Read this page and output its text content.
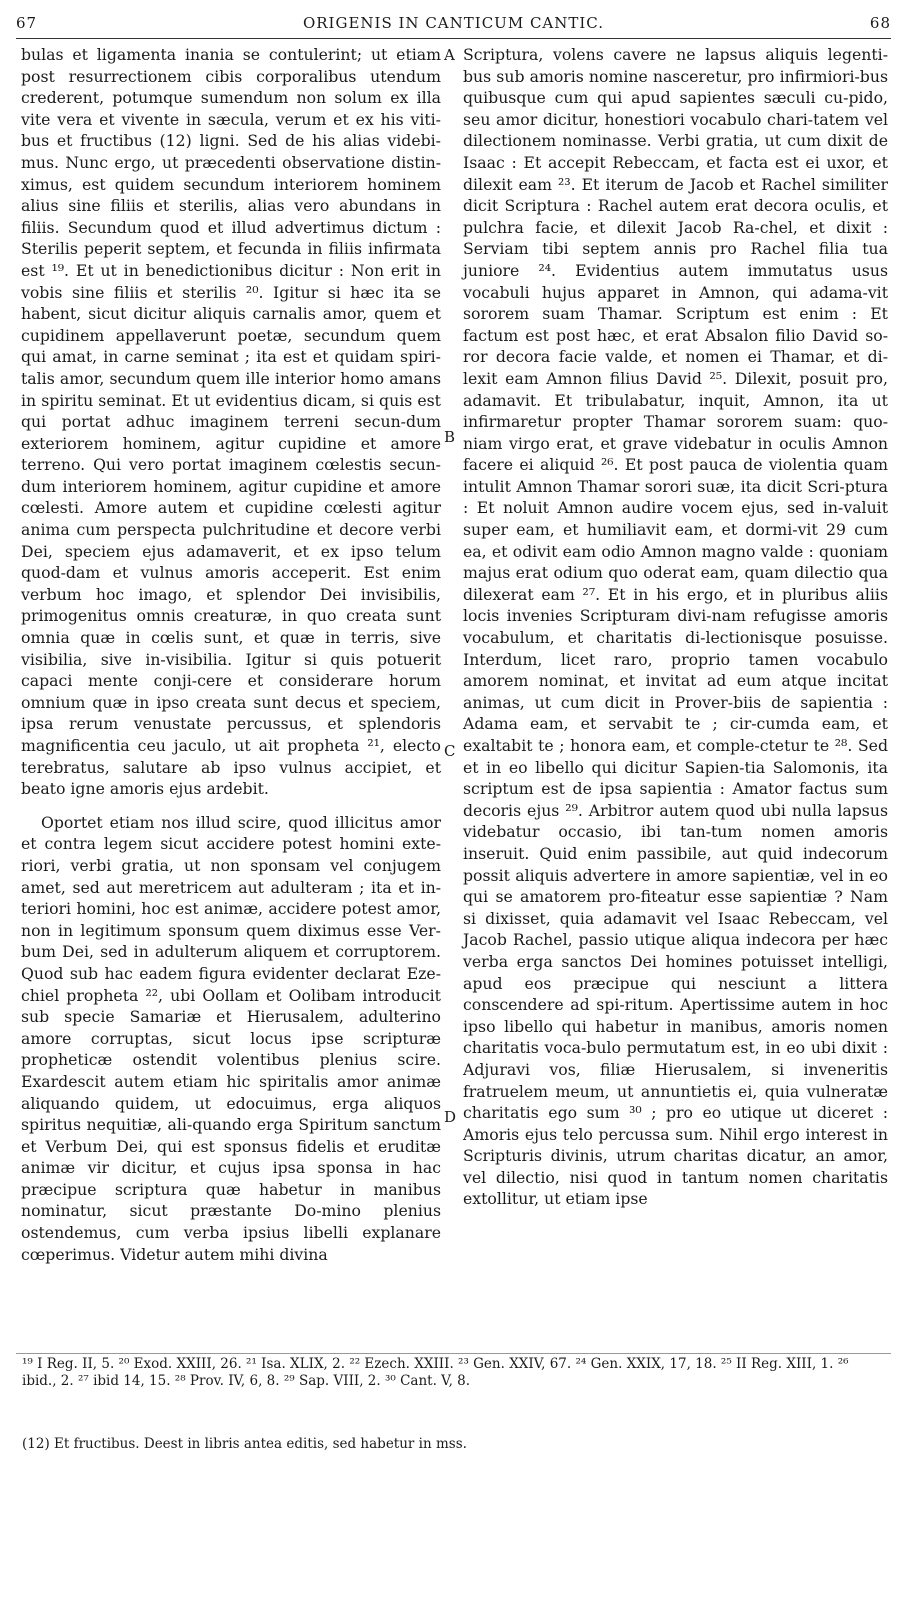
67	ORIGENIS IN CANTICUM CANTIC.	68

bulas et ligamenta inania se contulerint; ut etiam post resurrectionem cibis corporalibus utendum crederent, potumque sumendum non solum ex illa vite vera et vivente in sæcula, verum et ex his viti-bus et fructibus (12) ligni. Sed de his alias videbi-mus. Nunc ergo, ut præcedenti observatione distin-ximus, est quidem secundum interiorem hominem alius sine filiis et sterilis, alias vero abundans in filiis. Secundum quod et illud advertimus dictum : Sterilis peperit septem, et fecunda in filiis infirmata est ¹⁹. Et ut in benedictionibus dicitur : Non erit in vobis sine filiis et sterilis ²⁰. Igitur si hæc ita se habent, sicut dicitur aliquis carnalis amor, quem et cupidinem appellaverunt poetæ, secundum quem qui amat, in carne seminat ; ita est et quidam spiri-talis amor, secundum quem ille interior homo amans in spiritu seminat. Et ut evidentius dicam, si quis est qui portat adhuc imaginem terreni secun-dum exteriorem hominem, agitur cupidine et amore terreno. Qui vero portat imaginem cœlestis secun-dum interiorem hominem, agitur cupidine et amore cœlesti. Amore autem et cupidine cœlesti agitur anima cum perspecta pulchritudine et decore verbi Dei, speciem ejus adamaverit, et ex ipso telum quod-dam et vulnus amoris acceperit. Est enim verbum hoc imago, et splendor Dei invisibilis, primogenitus omnis creaturæ, in quo creata sunt omnia quæ in cœlis sunt, et quæ in terris, sive visibilia, sive in-visibilia. Igitur si quis potuerit capaci mente conji-cere et considerare horum omnium quæ in ipso creata sunt decus et speciem, ipsa rerum venustate percussus, et splendoris magnificentia ceu jaculo, ut ait propheta ²¹, electo terebratus, salutare ab ipso vulnus accipiet, et beato igne amoris ejus ardebit.

Oportet etiam nos illud scire, quod illicitus amor et contra legem sicut accidere potest homini exte-riori, verbi gratia, ut non sponsam vel conjugem amet, sed aut meretricem aut adulteram ; ita et in-teriori homini, hoc est animæ, accidere potest amor, non in legitimum sponsum quem diximus esse Ver-bum Dei, sed in adulterum aliquem et corruptorem. Quod sub hac eadem figura evidenter declarat Eze-chiel propheta ²², ubi Oollam et Oolibam introducit sub specie Samariæ et Hierusalem, adulterino amore corruptas, sicut locus ipse scripturæ propheticæ ostendit volentibus plenius scire. Exardescit autem etiam hic spiritalis amor animæ aliquando quidem, ut edocuimus, erga aliquos spiritus nequitiæ, ali-quando erga Spiritum sanctum et Verbum Dei, qui est sponsus fidelis et eruditæ animæ vir dicitur, et cujus ipsa sponsa in hac præcipue scriptura quæ habetur in manibus nominatur, sicut præstante Do-mino plenius ostendemus, cum verba ipsius libelli explanare cœperimus. Videtur autem mihi divina

A
B
C
D

Scriptura, volens cavere ne lapsus aliquis legenti-bus sub amoris nomine nasceretur, pro infirmiori-bus quibusque cum qui apud sapientes sæculi cu-pido, seu amor dicitur, honestiori vocabulo chari-tatem vel dilectionem nominasse. Verbi gratia, ut cum dixit de Isaac : Et accepit Rebeccam, et facta est ei uxor, et dilexit eam ²³. Et iterum de Jacob et Rachel similiter dicit Scriptura : Rachel autem erat decora oculis, et pulchra facie, et dilexit Jacob Ra-chel, et dixit : Serviam tibi septem annis pro Rachel filia tua juniore ²⁴. Evidentius autem immutatus usus vocabuli hujus apparet in Amnon, qui adama-vit sororem suam Thamar. Scriptum est enim : Et factum est post hæc, et erat Absalon filio David so-ror decora facie valde, et nomen ei Thamar, et di-lexit eam Amnon filius David ²⁵. Dilexit, posuit pro, adamavit. Et tribulabatur, inquit, Amnon, ita ut infirmaretur propter Thamar sororem suam: quo-niam virgo erat, et grave videbatur in oculis Amnon facere ei aliquid ²⁶. Et post pauca de violentia quam intulit Amnon Thamar sorori suæ, ita dicit Scri-ptura : Et noluit Amnon audire vocem ejus, sed in-valuit super eam, et humiliavit eam, et dormi-vit 29 cum ea, et odivit eam odio Amnon magno valde : quoniam majus erat odium quo oderat eam, quam dilectio qua dilexerat eam ²⁷. Et in his ergo, et in pluribus aliis locis invenies Scripturam divi-nam refugisse amoris vocabulum, et charitatis di-lectionisque posuisse. Interdum, licet raro, proprio tamen vocabulo amorem nominat, et invitat ad eum atque incitat animas, ut cum dicit in Prover-biis de sapientia : Adama eam, et servabit te ; cir-cumda eam, et exaltabit te ; honora eam, et comple-ctetur te ²⁸. Sed et in eo libello qui dicitur Sapien-tia Salomonis, ita scriptum est de ipsa sapientia : Amator factus sum decoris ejus ²⁹. Arbitror autem quod ubi nulla lapsus videbatur occasio, ibi tan-tum nomen amoris inseruit. Quid enim passibile, aut quid indecorum possit aliquis advertere in amore sapientiæ, vel in eo qui se amatorem pro-fiteatur esse sapientiæ ? Nam si dixisset, quia adamavit vel Isaac Rebeccam, vel Jacob Rachel, passio utique aliqua indecora per hæc verba erga sanctos Dei homines potuisset intelligi, apud eos præcipue qui nesciunt a littera conscendere ad spi-ritum. Apertissime autem in hoc ipso libello qui habetur in manibus, amoris nomen charitatis voca-bulo permutatum est, in eo ubi dixit : Adjuravi vos, filiæ Hierusalem, si inveneritis fratruelem meum, ut annuntietis ei, quia vulneratæ charitatis ego sum ³⁰ ; pro eo utique ut diceret : Amoris ejus telo percussa sum. Nihil ergo interest in Scripturis divinis, utrum charitas dicatur, an amor, vel dilectio, nisi quod in tantum nomen charitatis extollitur, ut etiam ipse

¹⁹ I Reg. II, 5. ²⁰ Exod. XXIII, 26. ²¹ Isa. XLIX, 2. ²² Ezech. XXIII. ²³ Gen. XXIV, 67. ²⁴ Gen. XXIX, 17, 18. ²⁵ II Reg. XIII, 1. ²⁶ ibid., 2. ²⁷ ibid 14, 15. ²⁸ Prov. IV, 6, 8. ²⁹ Sap. VIII, 2. ³⁰ Cant. V, 8.
(12) Et fructibus. Deest in libris antea editis, sed habetur in mss.
